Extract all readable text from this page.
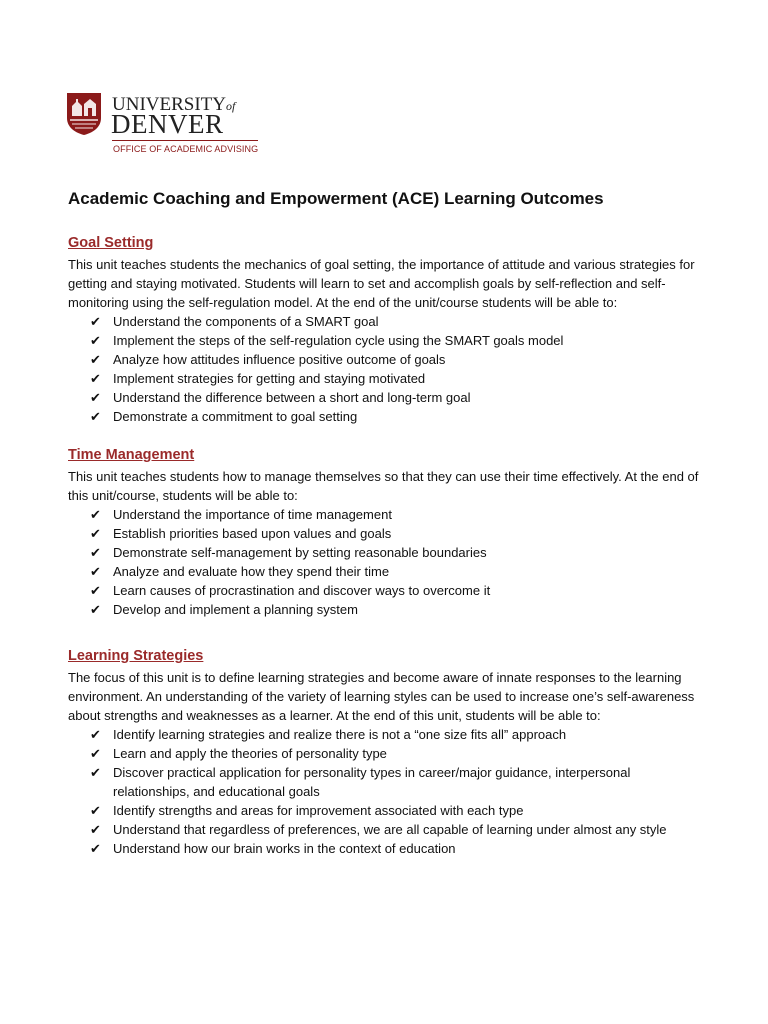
UNIVERSITYof
DENVER
OFFICE OF ACADEMIC ADVISING
Academic Coaching and Empowerment (ACE) Learning Outcomes
Goal Setting

This unit teaches students the mechanics of goal setting, the importance of attitude and various strategies for getting and staying motivated. Students will learn to set and accomplish goals by self-reflection and self-monitoring using the self-regulation model. At the end of the unit/course students will be able to:

✔ Understand the components of a SMART goal
✔ Implement the steps of the self-regulation cycle using the SMART goals model
✔ Analyze how attitudes influence positive outcome of goals
✔ Implement strategies for getting and staying motivated
✔ Understand the difference between a short and long-term goal
✔ Demonstrate a commitment to goal setting
Time Management

This unit teaches students how to manage themselves so that they can use their time effectively. At the end of this unit/course, students will be able to:

✔ Understand the importance of time management
✔ Establish priorities based upon values and goals
✔ Demonstrate self-management by setting reasonable boundaries
✔ Analyze and evaluate how they spend their time
✔ Learn causes of procrastination and discover ways to overcome it
✔ Develop and implement a planning system
Learning Strategies

The focus of this unit is to define learning strategies and become aware of innate responses to the learning environment. An understanding of the variety of learning styles can be used to increase one’s self-awareness about strengths and weaknesses as a learner. At the end of this unit, students will be able to:

✔ Identify learning strategies and realize there is not a “one size fits all” approach
✔ Learn and apply the theories of personality type
✔ Discover practical application for personality types in career/major guidance, interpersonal relationships, and educational goals
✔ Identify strengths and areas for improvement associated with each type
✔ Understand that regardless of preferences, we are all capable of learning under almost any style
✔ Understand how our brain works in the context of education
